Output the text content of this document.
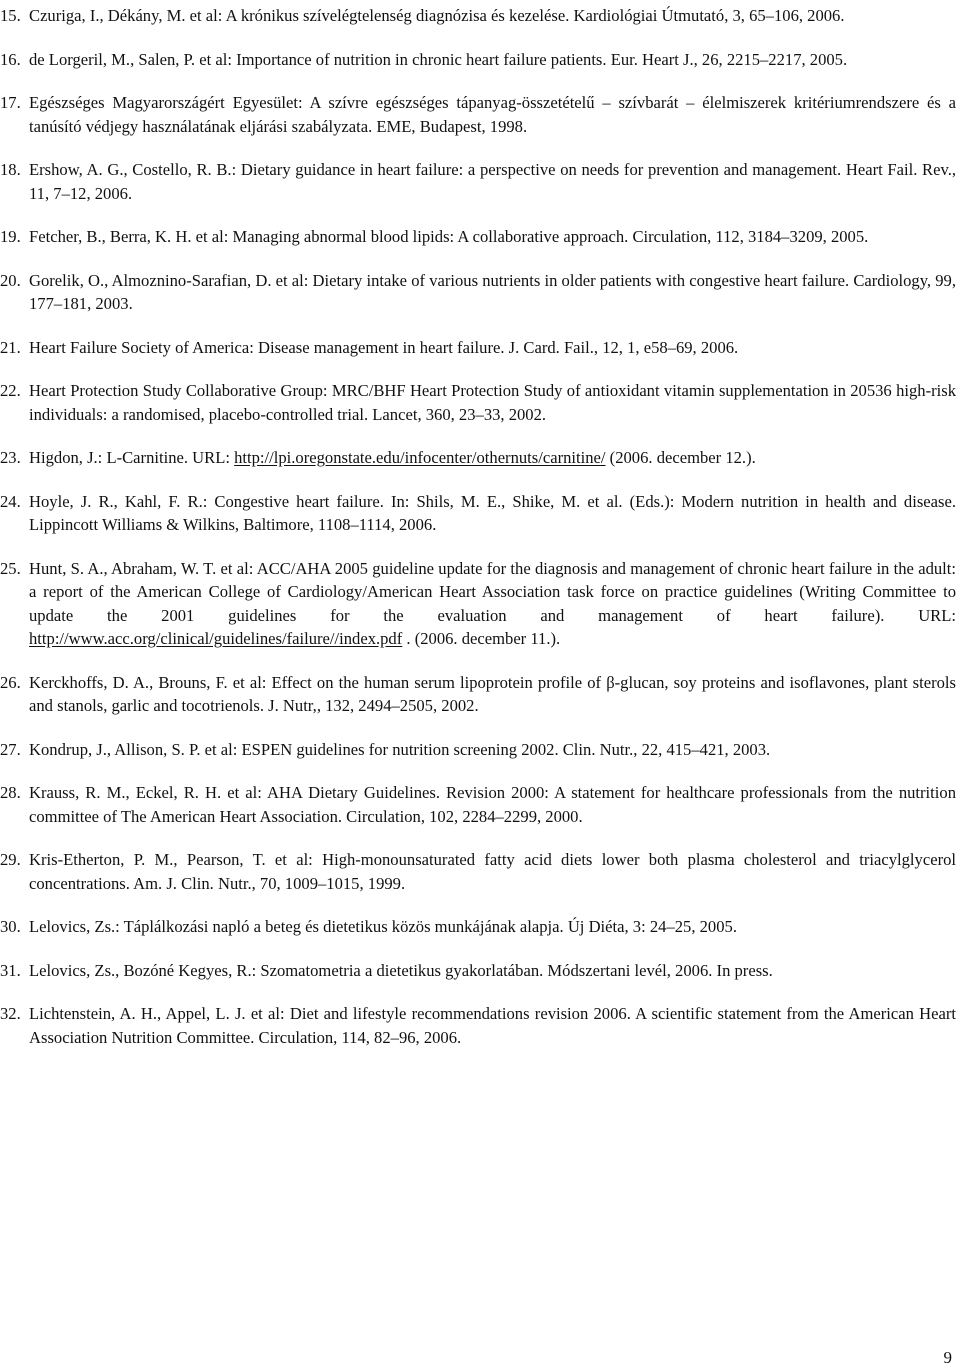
15. Czuriga, I., Dékány, M. et al: A krónikus szívelégtelenség diagnózisa és kezelése. Kardiológiai Útmutató, 3, 65–106, 2006.
16. de Lorgeril, M., Salen, P. et al: Importance of nutrition in chronic heart failure patients. Eur. Heart J., 26, 2215–2217, 2005.
17. Egészséges Magyarországért Egyesület: A szívre egészséges tápanyag-összetételű – szívbarát – élelmiszerek kritériumrendszere és a tanúsító védjegy használatának eljárási szabályzata. EME, Budapest, 1998.
18. Ershow, A. G., Costello, R. B.: Dietary guidance in heart failure: a perspective on needs for prevention and management. Heart Fail. Rev., 11, 7–12, 2006.
19. Fetcher, B., Berra, K. H. et al: Managing abnormal blood lipids: A collaborative approach. Circulation, 112, 3184–3209, 2005.
20. Gorelik, O., Almoznino-Sarafian, D. et al: Dietary intake of various nutrients in older patients with congestive heart failure. Cardiology, 99, 177–181, 2003.
21. Heart Failure Society of America: Disease management in heart failure. J. Card. Fail., 12, 1, e58–69, 2006.
22. Heart Protection Study Collaborative Group: MRC/BHF Heart Protection Study of antioxidant vitamin supplementation in 20536 high-risk individuals: a randomised, placebo-controlled trial. Lancet, 360, 23–33, 2002.
23. Higdon, J.: L-Carnitine. URL: http://lpi.oregonstate.edu/infocenter/othernuts/carnitine/ (2006. december 12.).
24. Hoyle, J. R., Kahl, F. R.: Congestive heart failure. In: Shils, M. E., Shike, M. et al. (Eds.): Modern nutrition in health and disease. Lippincott Williams & Wilkins, Baltimore, 1108–1114, 2006.
25. Hunt, S. A., Abraham, W. T. et al: ACC/AHA 2005 guideline update for the diagnosis and management of chronic heart failure in the adult: a report of the American College of Cardiology/American Heart Association task force on practice guidelines (Writing Committee to update the 2001 guidelines for the evaluation and management of heart failure). URL: http://www.acc.org/clinical/guidelines/failure//index.pdf . (2006. december 11.).
26. Kerckhoffs, D. A., Brouns, F. et al: Effect on the human serum lipoprotein profile of β-glucan, soy proteins and isoflavones, plant sterols and stanols, garlic and tocotrienols. J. Nutr,, 132, 2494–2505, 2002.
27. Kondrup, J., Allison, S. P. et al: ESPEN guidelines for nutrition screening 2002. Clin. Nutr., 22, 415–421, 2003.
28. Krauss, R. M., Eckel, R. H. et al: AHA Dietary Guidelines. Revision 2000: A statement for healthcare professionals from the nutrition committee of The American Heart Association. Circulation, 102, 2284–2299, 2000.
29. Kris-Etherton, P. M., Pearson, T. et al: High-monounsaturated fatty acid diets lower both plasma cholesterol and triacylglycerol concentrations. Am. J. Clin. Nutr., 70, 1009–1015, 1999.
30. Lelovics, Zs.: Táplálkozási napló a beteg és dietetikus közös munkájának alapja. Új Diéta, 3: 24–25, 2005.
31. Lelovics, Zs., Bozóné Kegyes, R.: Szomatometria a dietetikus gyakorlatában. Módszertani levél, 2006. In press.
32. Lichtenstein, A. H., Appel, L. J. et al: Diet and lifestyle recommendations revision 2006. A scientific statement from the American Heart Association Nutrition Committee. Circulation, 114, 82–96, 2006.
9
